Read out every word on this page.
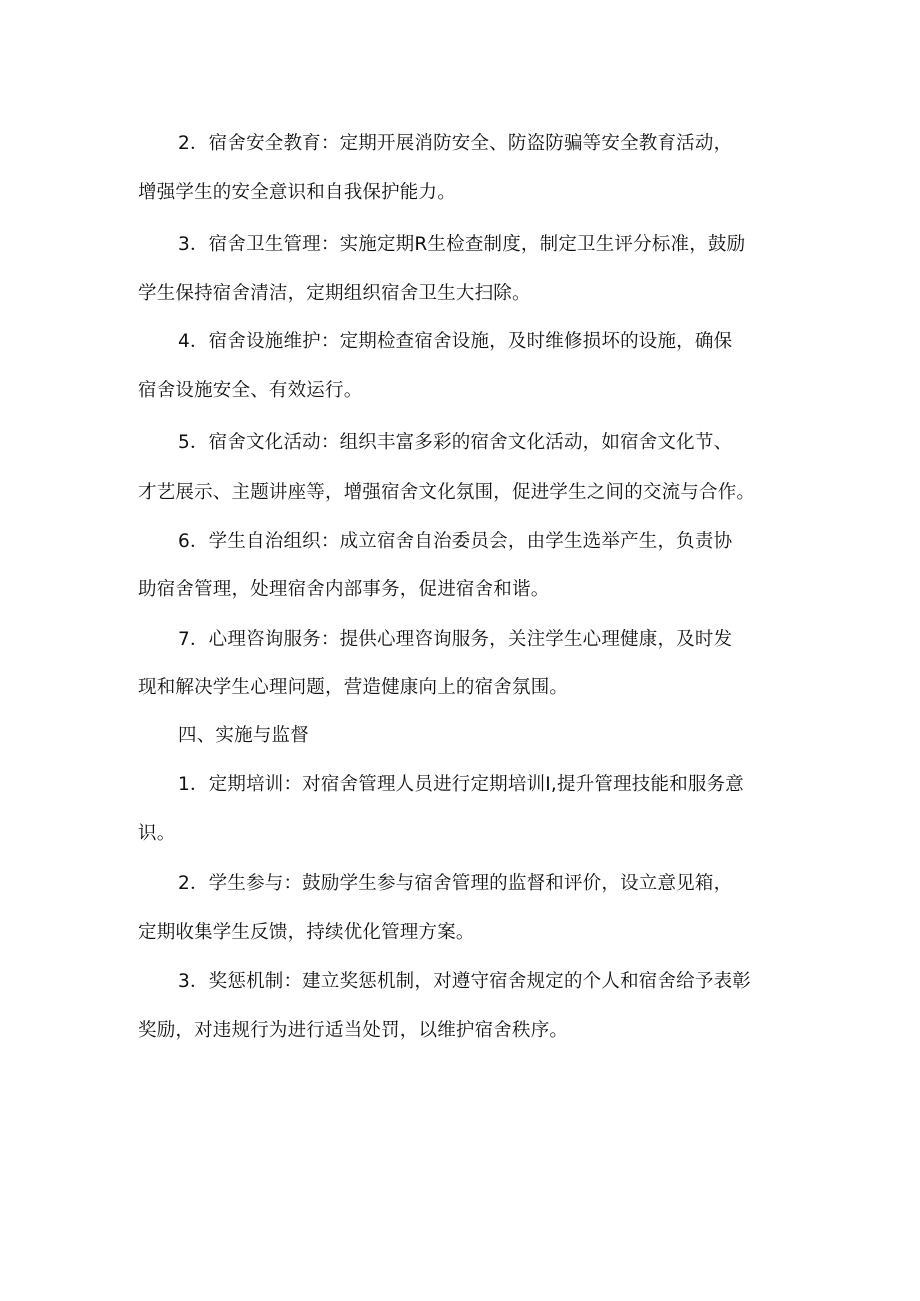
2．宿舍安全教育：定期开展消防安全、防盗防骗等安全教育活动，
增强学生的安全意识和自我保护能力。
3．宿舍卫生管理：实施定期R生检查制度，制定卫生评分标准，鼓励
学生保持宿舍清洁，定期组织宿舍卫生大扫除。
4．宿舍设施维护：定期检查宿舍设施，及时维修损坏的设施，确保
宿舍设施安全、有效运行。
5．宿舍文化活动：组织丰富多彩的宿舍文化活动，如宿舍文化节、
才艺展示、主题讲座等，增强宿舍文化氛围，促进学生之间的交流与合作。
6．学生自治组织：成立宿舍自治委员会，由学生选举产生，负责协
助宿舍管理，处理宿舍内部事务，促进宿舍和谐。
7．心理咨询服务：提供心理咨询服务，关注学生心理健康，及时发
现和解决学生心理问题，营造健康向上的宿舍氛围。
四、实施与监督
1．定期培训：对宿舍管理人员进行定期培训I,提升管理技能和服务意
识。
2．学生参与：鼓励学生参与宿舍管理的监督和评价，设立意见箱，
定期收集学生反馈，持续优化管理方案。
3．奖惩机制：建立奖惩机制，对遵守宿舍规定的个人和宿舍给予表彰
奖励，对违规行为进行适当处罚，以维护宿舍秩序。
